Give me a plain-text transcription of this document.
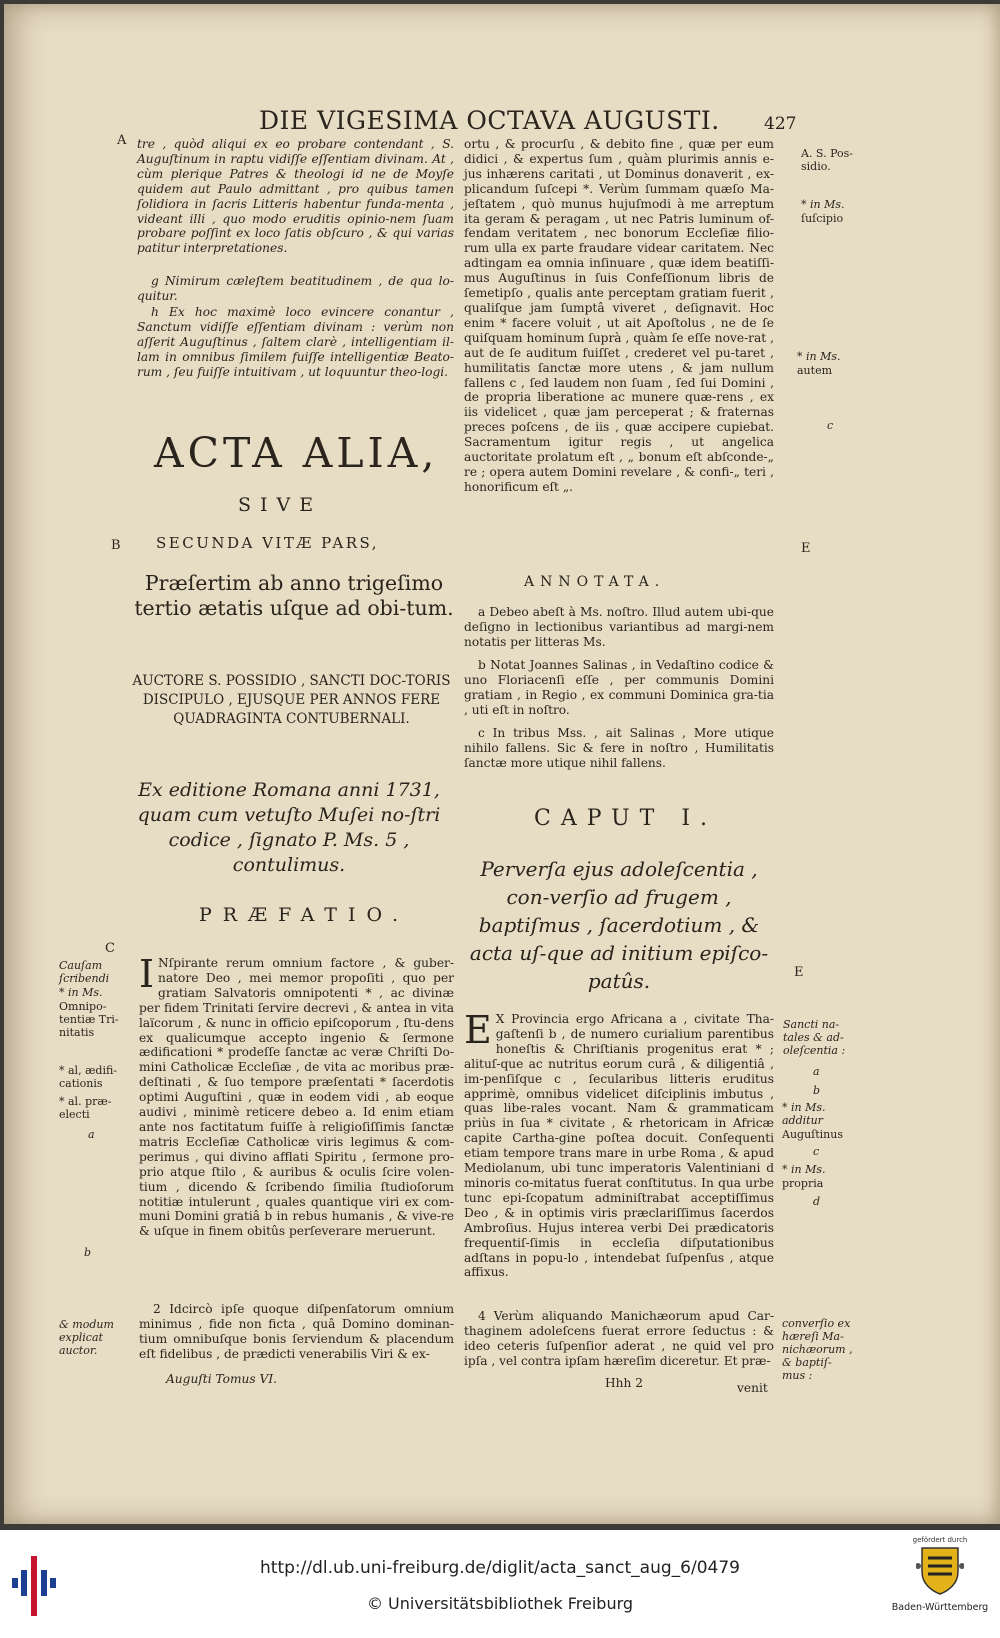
DIE VIGESIMA OCTAVA AUGUSTI.	427
tre , quòd aliqui ex eo probare contendant , S. Auguſtinum in raptu vidiſſe eſſentiam divinam. At , cùm plerique Patres & theologi id ne de Moyſe quidem aut Paulo admittant , pro quibus tamen ſolidiora in ſacris Litteris habentur funda-menta , videant illi , quo modo eruditis opinio-nem ſuam probare poſſint ex loco ſatis obſcuro , & qui varias patitur interpretationes.
g Nimirum cæleſtem beatitudinem , de qua lo-quitur.
h Ex hoc maximè loco evincere conantur , Sanctum vidiſſe eſſentiam divinam : verùm non aſſerit Auguſtinus , ſaltem clarè , intelligentiam il-lam in omnibus ſimilem fuiſſe intelligentiæ Beato-rum , ſeu fuiſſe intuitivam , ut loquuntur theo-logi.
ACTA ALIA,
SIVE
SECUNDA VITÆ PARS,
Præſertim ab anno trigeſimo tertio ætatis uſque ad obi-tum.
AUCTORE S. POSSIDIO , SANCTI DOC-TORIS DISCIPULO , EJUSQUE PER ANNOS FERE QUADRAGINTA CONTUBERNALI.
Ex editione Romana anni 1731, quam cum vetuſto Muſei no-ſtri codice , ſignato P. Ms. 5 , contulimus.
PRÆFATIO.
I Nſpirante rerum omnium factore , & guber-natore Deo , mei memor propoſiti , quo per gratiam Salvatoris omnipotenti * , ac divinæ per fidem Trinitati ſervire decrevi , & antea in vita laïcorum , & nunc in officio epiſcoporum , ſtu-dens ex qualicumque accepto ingenio & ſermone ædificationi * prodeſſe ſanctæ ac veræ Chriſti Do-mini Catholicæ Eccleſiæ , de vita ac moribus præ-deſtinati , & ſuo tempore præſentati * ſacerdotis optimi Auguſtini , quæ in eodem vidi , ab eoque audivi , minimè reticere debeo a. Id enim etiam ante nos factitatum fuiſſe à religioſiſſimis ſanctæ matris Eccleſiæ Catholicæ viris legimus & com-perimus , qui divino afflati Spiritu , ſermone pro-prio atque ſtilo , & auribus & oculis ſcire volen-tium , dicendo & ſcribendo ſimilia ſtudioſorum notitiæ intulerunt , quales quantique viri ex com-muni Domini gratiâ b in rebus humanis , & vive-re & uſque in finem obitûs perſeverare meruerunt.
2 Idcircò ipſe quoque diſpenſatorum omnium minimus , fide non ficta , quâ Domino dominan-tium omnibuſque bonis ſerviendum & placendum eſt fidelibus , de prædicti venerabilis Viri & ex-
Auguſti Tomus VI.
ortu , & procurſu , & debito fine , quæ per eum didici , & expertus ſum , quàm plurimis annis e-jus inhærens caritati , ut Dominus donaverit , ex-plicandum ſuſcepi *. Verùm ſummam quæſo Ma-jeſtatem , quò munus hujuſmodi à me arreptum ita geram & peragam , ut nec Patris luminum of-fendam veritatem , nec bonorum Eccleſiæ filio-rum ulla ex parte fraudare videar caritatem. Nec adtingam ea omnia inſinuare , quæ idem beatiſſi-mus Auguſtinus in ſuis Confeſſionum libris de ſemetipſo , qualis ante perceptam gratiam fuerit , qualiſque jam ſumptâ viveret , deſignavit. Hoc enim * facere voluit , ut ait Apoſtolus , ne de ſe quiſquam hominum ſuprà , quàm ſe eſſe nove-rat , aut de ſe auditum fuiſſet , crederet vel pu-taret , humilitatis ſanctæ more utens , & jam nullum fallens c , ſed laudem non ſuam , ſed ſui Domini , de propria liberatione ac munere quæ-rens , ex iis videlicet , quæ jam perceperat ; & fraternas preces poſcens , de iis , quæ accipere cupiebat. Sacramentum igitur regis , ut angelica auctoritate prolatum eſt , „ bonum eſt abſconde-„ re ; opera autem Domini revelare , & confi-„ teri , honorificum eſt „.
ANNOTATA.
a Debeo abeſt à Ms. noſtro. Illud autem ubi-que deſigno in lectionibus variantibus ad margi-nem notatis per litteras Ms.
b Notat Joannes Salinas , in Vedaſtino codice & uno Floriacenſi eſſe , per communis Domini gratiam , in Regio , ex communi Dominica gra-tia , uti eſt in noſtro.
c In tribus Mss. , ait Salinas , More utique nihilo fallens. Sic & fere in noſtro , Humilitatis ſanctæ more utique nihil fallens.
CAPUT I.
Perverſa ejus adoleſcentia , con-verſio ad frugem , baptiſmus , ſacerdotium , & acta uſ-que ad initium epiſco-patûs.
E X Provincia ergo Africana a , civitate Tha-gaſtenſi b , de numero curialium parentibus honeſtis & Chriſtianis progenitus erat * ; alituſ-que ac nutritus eorum curâ , & diligentiâ , im-penſiſque c , ſecularibus litteris eruditus apprimè, omnibus videlicet diſciplinis imbutus , quas libe-rales vocant. Nam & grammaticam priùs in ſua * civitate , & rhetoricam in Africæ capite Cartha-gine poſtea docuit. Conſequenti etiam tempore trans mare in urbe Roma , & apud Mediolanum, ubi tunc imperatoris Valentiniani d minoris co-mitatus fuerat conſtitutus. In qua urbe tunc epi-ſcopatum adminiſtrabat acceptiſſimus Deo , & in optimis viris præclariſſimus ſacerdos Ambroſius. Hujus interea verbi Dei prædicatoris frequentiſ-ſimis in eccleſia diſputationibus adſtans in popu-lo , intendebat ſuſpenſus , atque affixus.
4 Verùm aliquando Manichæorum apud Car-thaginem adoleſcens fuerat errore ſeductus : & ideo ceteris ſuſpenſior aderat , ne quid vel pro ipſa , vel contra ipſam hæreſim diceretur. Et præ-
Hhh 2	venit
A
B
C
Cauſam ſcribendi
* in Ms.
Omnipo-tentiæ Tri-nitatis
* al, ædifi-cationis
* al. præ-electi
a
b
& modum explicat auctor.
A. S. Pos-sidio.
* in Ms.
ſuſcipio
* in Ms.
autem
c
E
E
Sancti na-tales & ad-oleſcentia :
a
b
* in Ms. additur
Auguſtinus
c
* in Ms.
propria
d
converſio ex hæreſi Ma-nichæorum , & baptiſ-mus :
http://dl.ub.uni-freiburg.de/diglit/acta_sanct_aug_6/0479
© Universitätsbibliothek Freiburg
gefördert durch
Baden-Württemberg
